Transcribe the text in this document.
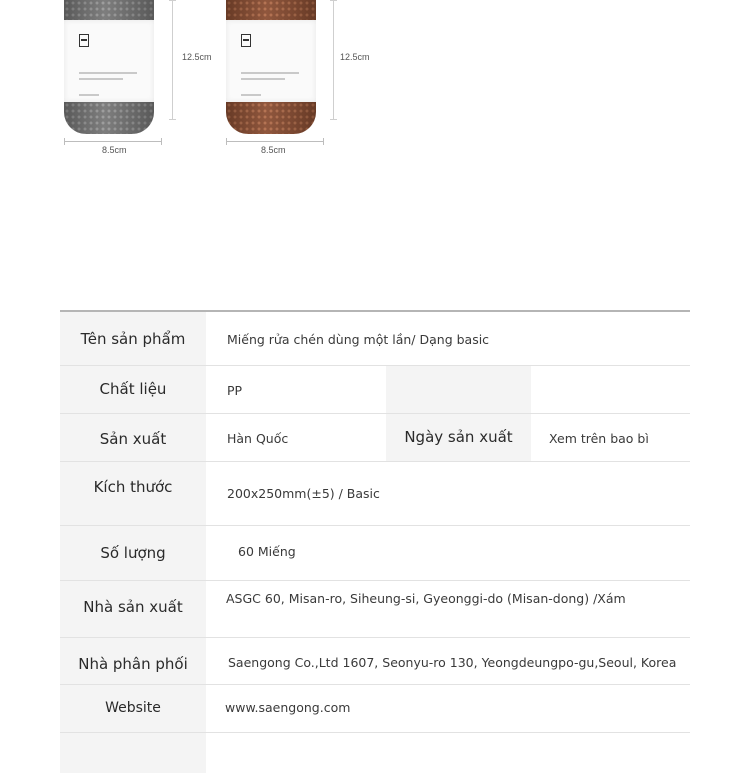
12.5cm
8.5cm
12.5cm
8.5cm
Tên sản phẩm	Miếng rửa chén dùng một lần/ Dạng basic
Chất liệu	PP
Sản xuất	Hàn Quốc	Ngày sản xuất	Xem trên bao bì
Kích thước	200x250mm(±5) / Basic
Số lượng	60 Miếng
Nhà sản xuất	ASGC 60, Misan-ro, Siheung-si, Gyeonggi-do (Misan-dong) /Xám
Nhà phân phối	Saengong Co.,Ltd 1607, Seonyu-ro 130, Yeongdeungpo-gu,Seoul, Korea
Website	www.saengong.com
